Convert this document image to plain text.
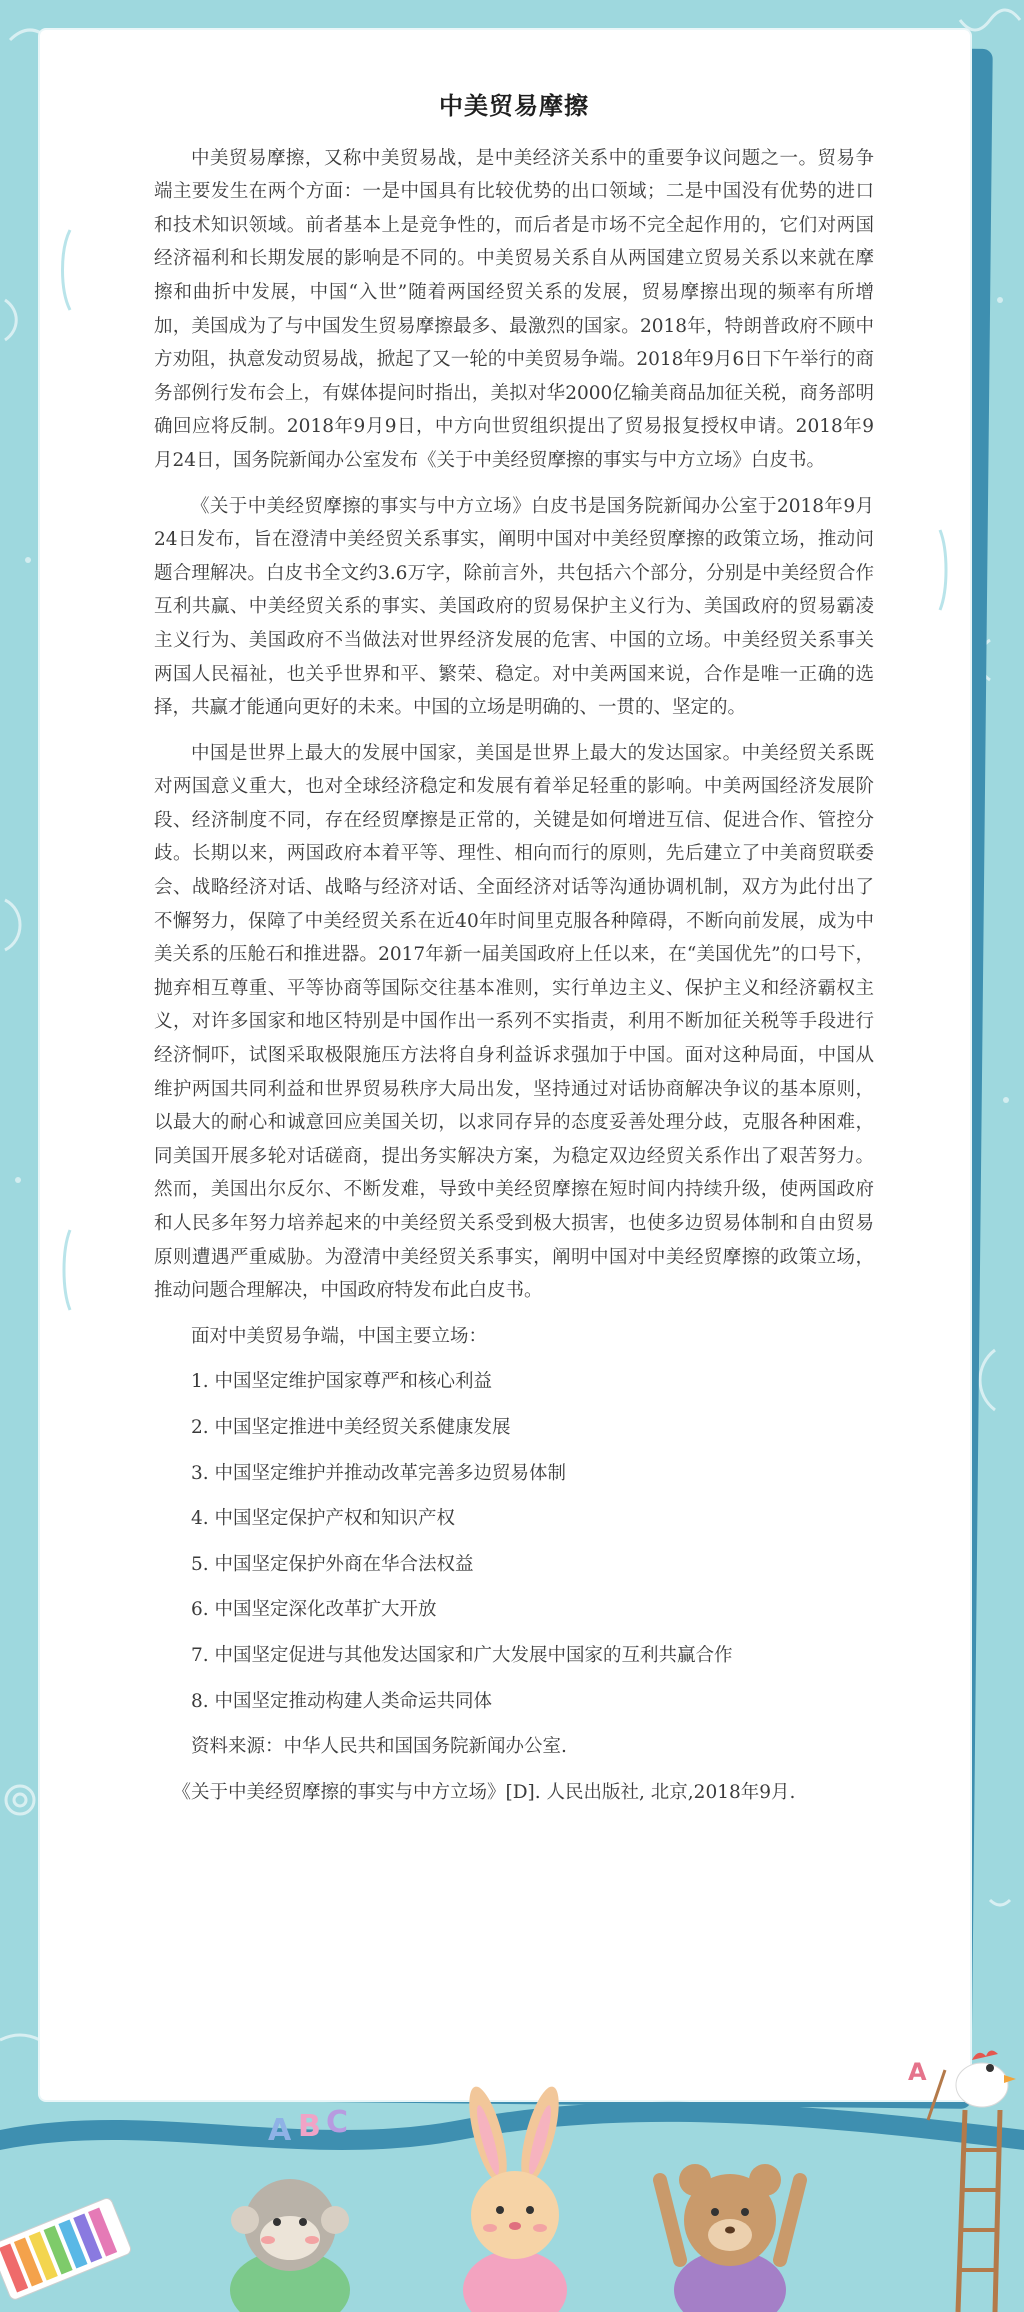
中美贸易摩擦

中美贸易摩擦，又称中美贸易战，是中美经济关系中的重要争议问题之一。贸易争端主要发生在两个方面：一是中国具有比较优势的出口领域；二是中国没有优势的进口和技术知识领域。前者基本上是竞争性的，而后者是市场不完全起作用的，它们对两国经济福利和长期发展的影响是不同的。中美贸易关系自从两国建立贸易关系以来就在摩擦和曲折中发展，中国“入世”随着两国经贸关系的发展，贸易摩擦出现的频率有所增加，美国成为了与中国发生贸易摩擦最多、最激烈的国家。2018年，特朗普政府不顾中方劝阻，执意发动贸易战，掀起了又一轮的中美贸易争端。2018年9月6日下午举行的商务部例行发布会上，有媒体提问时指出，美拟对华2000亿输美商品加征关税，商务部明确回应将反制。2018年9月9日，中方向世贸组织提出了贸易报复授权申请。2018年9月24日，国务院新闻办公室发布《关于中美经贸摩擦的事实与中方立场》白皮书。

《关于中美经贸摩擦的事实与中方立场》白皮书是国务院新闻办公室于2018年9月24日发布，旨在澄清中美经贸关系事实，阐明中国对中美经贸摩擦的政策立场，推动问题合理解决。白皮书全文约3.6万字，除前言外，共包括六个部分，分别是中美经贸合作互利共赢、中美经贸关系的事实、美国政府的贸易保护主义行为、美国政府的贸易霸凌主义行为、美国政府不当做法对世界经济发展的危害、中国的立场。中美经贸关系事关两国人民福祉，也关乎世界和平、繁荣、稳定。对中美两国来说，合作是唯一正确的选择，共赢才能通向更好的未来。中国的立场是明确的、一贯的、坚定的。

中国是世界上最大的发展中国家，美国是世界上最大的发达国家。中美经贸关系既对两国意义重大，也对全球经济稳定和发展有着举足轻重的影响。中美两国经济发展阶段、经济制度不同，存在经贸摩擦是正常的，关键是如何增进互信、促进合作、管控分歧。长期以来，两国政府本着平等、理性、相向而行的原则，先后建立了中美商贸联委会、战略经济对话、战略与经济对话、全面经济对话等沟通协调机制，双方为此付出了不懈努力，保障了中美经贸关系在近40年时间里克服各种障碍，不断向前发展，成为中美关系的压舱石和推进器。2017年新一届美国政府上任以来，在“美国优先”的口号下，抛弃相互尊重、平等协商等国际交往基本准则，实行单边主义、保护主义和经济霸权主义，对许多国家和地区特别是中国作出一系列不实指责，利用不断加征关税等手段进行经济恫吓，试图采取极限施压方法将自身利益诉求强加于中国。面对这种局面，中国从维护两国共同利益和世界贸易秩序大局出发，坚持通过对话协商解决争议的基本原则，以最大的耐心和诚意回应美国关切，以求同存异的态度妥善处理分歧，克服各种困难，同美国开展多轮对话磋商，提出务实解决方案，为稳定双边经贸关系作出了艰苦努力。然而，美国出尔反尔、不断发难，导致中美经贸摩擦在短时间内持续升级，使两国政府和人民多年努力培养起来的中美经贸关系受到极大损害，也使多边贸易体制和自由贸易原则遭遇严重威胁。为澄清中美经贸关系事实，阐明中国对中美经贸摩擦的政策立场，推动问题合理解决，中国政府特发布此白皮书。

面对中美贸易争端，中国主要立场：

1. 中国坚定维护国家尊严和核心利益
2. 中国坚定推进中美经贸关系健康发展
3. 中国坚定维护并推动改革完善多边贸易体制
4. 中国坚定保护产权和知识产权
5. 中国坚定保护外商在华合法权益
6. 中国坚定深化改革扩大开放
7. 中国坚定促进与其他发达国家和广大发展中国家的互利共赢合作
8. 中国坚定推动构建人类命运共同体

资料来源：中华人民共和国国务院新闻办公室.

《关于中美经贸摩擦的事实与中方立场》[D]. 人民出版社, 北京,2018年9月.

A B C
A
